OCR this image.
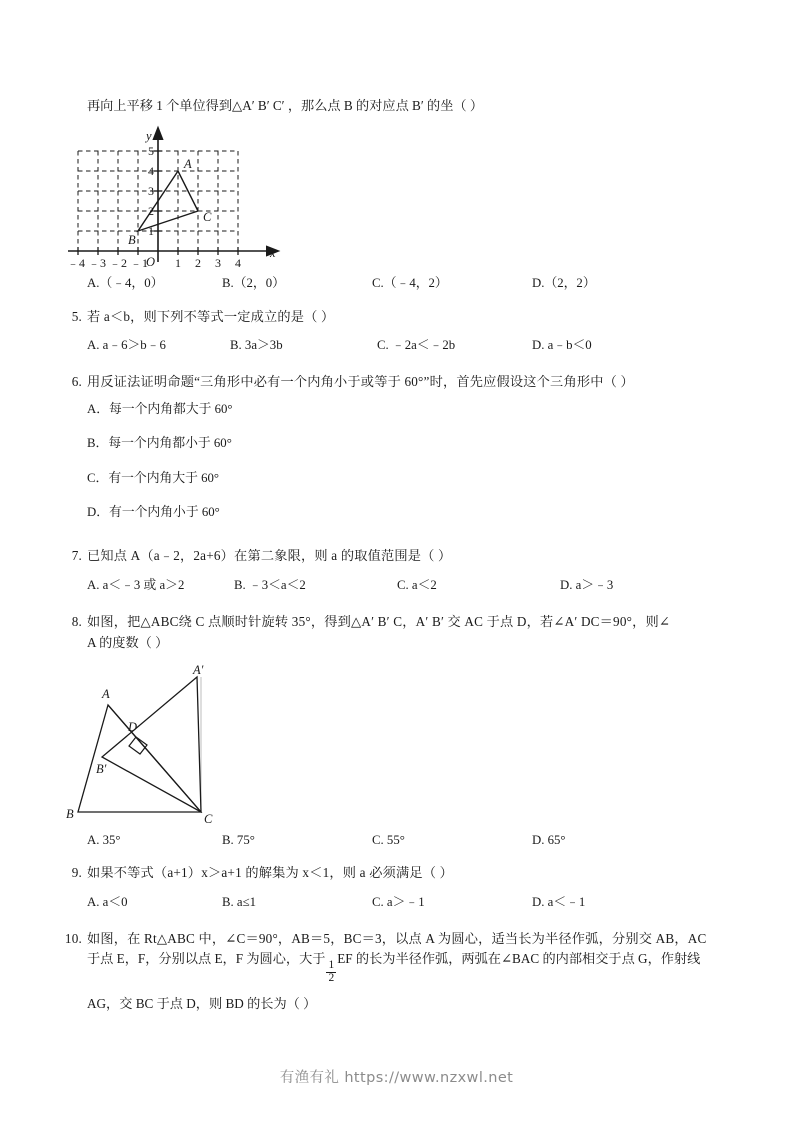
再向上平移 1 个单位得到△A′ B′ C′ ，那么点 B 的对应点 B′ 的坐（ ）
x
y
O
﹣4 ﹣3 ﹣2 ﹣1 1 2 3 4
1
2
3
4
5
A
B
C
A.（﹣4，0）	B.（2，0）	C.（﹣4，2）	D.（2，2）
5. 若 a＜b，则下列不等式一定成立的是（ ）
A. a﹣6＞b﹣6	B. 3a＞3b	C. ﹣2a＜﹣2b	D. a﹣b＜0
6. 用反证法证明命题“三角形中必有一个内角小于或等于 60°”时，首先应假设这个三角形中（ ）
A．每一个内角都大于 60°
B．每一个内角都小于 60°
C．有一个内角大于 60°
D．有一个内角小于 60°
7. 已知点 A（a﹣2，2a+6）在第二象限，则 a 的取值范围是（ ）
A. a＜﹣3 或 a＞2	B. ﹣3＜a＜2	C. a＜2	D. a＞﹣3
8. 如图，把△ABC绕 C 点顺时针旋转 35°，得到△A′ B′ C，A′ B′ 交 AC 于点 D，若∠A′ DC＝90°，则∠
A 的度数（ ）
A
A′
B
B′
C
D
A. 35°	B. 75°	C. 55°	D. 65°
9. 如果不等式（a+1）x＞a+1 的解集为 x＜1，则 a 必须满足（ ）
A. a＜0	B. a≤1	C. a＞﹣1	D. a＜﹣1
10. 如图，在 Rt△ABC 中，∠C＝90°，AB＝5，BC＝3，以点 A 为圆心，适当长为半径作弧，分别交 AB，AC
于点 E，F，分别以点 E，F 为圆心，大于
$\frac{1}{2}$
EF 的长为半径作弧，两弧在∠BAC 的内部相交于点 G，作射线
AG，交 BC 于点 D，则 BD 的长为（ ）
有渔有礼 https://www.nzxwl.net
